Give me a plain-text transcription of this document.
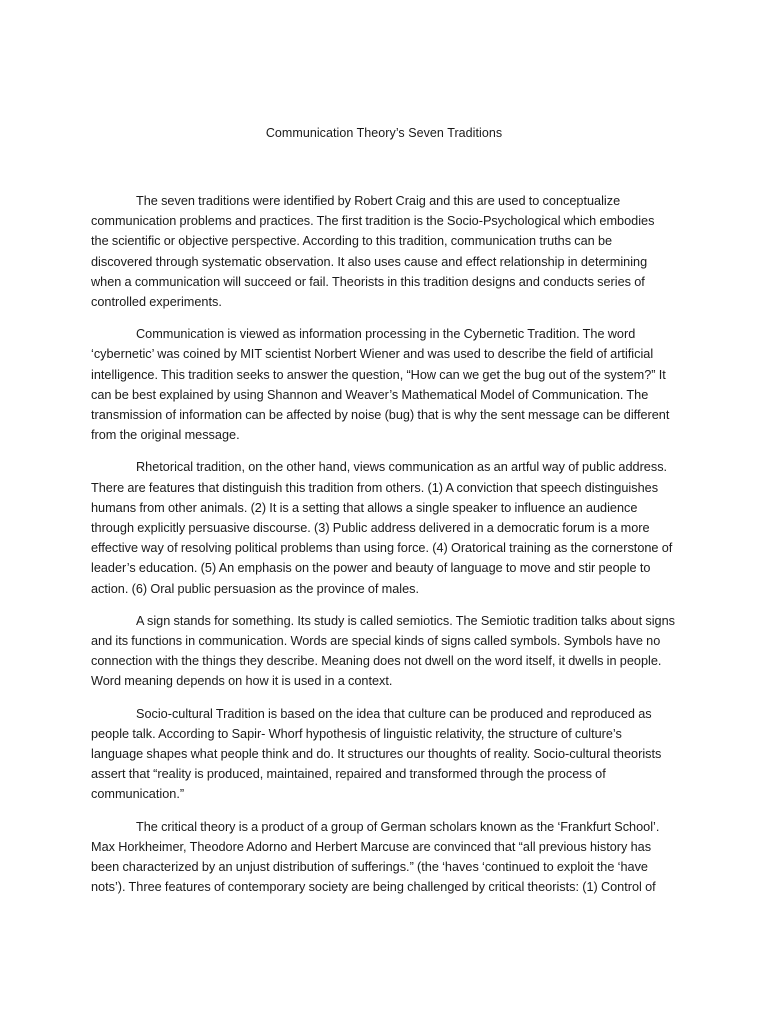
Communication Theory’s Seven Traditions

The seven traditions were identified by Robert Craig and this are used to conceptualize communication problems and practices. The first tradition is the Socio-Psychological which embodies the scientific or objective perspective. According to this tradition, communication truths can be discovered through systematic observation. It also uses cause and effect relationship in determining when a communication will succeed or fail. Theorists in this tradition designs and conducts series of controlled experiments.

Communication is viewed as information processing in the Cybernetic Tradition. The word ‘cybernetic’ was coined by MIT scientist Norbert Wiener and was used to describe the field of artificial intelligence. This tradition seeks to answer the question, “How can we get the bug out of the system?” It can be best explained by using Shannon and Weaver’s Mathematical Model of Communication. The transmission of information can be affected by noise (bug) that is why the sent message can be different from the original message.

Rhetorical tradition, on the other hand, views communication as an artful way of public address. There are features that distinguish this tradition from others. (1) A conviction that speech distinguishes humans from other animals. (2) It is a setting that allows a single speaker to influence an audience through explicitly persuasive discourse. (3) Public address delivered in a democratic forum is a more effective way of resolving political problems than using force. (4) Oratorical training as the cornerstone of leader’s education. (5) An emphasis on the power and beauty of language to move and stir people to action. (6) Oral public persuasion as the province of males.

A sign stands for something. Its study is called semiotics. The Semiotic tradition talks about signs and its functions in communication. Words are special kinds of signs called symbols. Symbols have no connection with the things they describe. Meaning does not dwell on the word itself, it dwells in people. Word meaning depends on how it is used in a context.

Socio-cultural Tradition is based on the idea that culture can be produced and reproduced as people talk. According to Sapir- Whorf hypothesis of linguistic relativity, the structure of culture’s language shapes what people think and do. It structures our thoughts of reality. Socio-cultural theorists assert that “reality is produced, maintained, repaired and transformed through the process of communication.”

The critical theory is a product of a group of German scholars known as the ‘Frankfurt School’. Max Horkheimer, Theodore Adorno and Herbert Marcuse are convinced that “all previous history has been characterized by an unjust distribution of sufferings.” (the ‘haves ‘continued to exploit the ‘have nots’). Three features of contemporary society are being challenged by critical theorists: (1) Control of
